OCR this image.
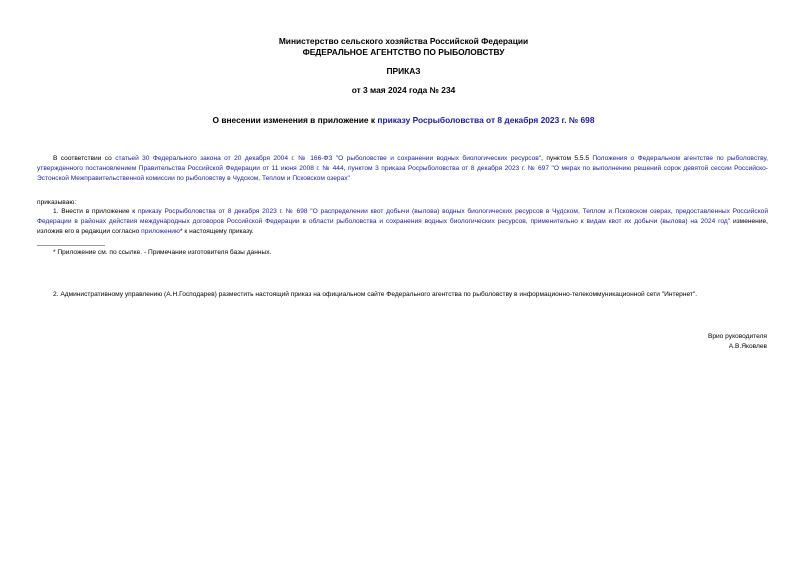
Министерство сельского хозяйства Российской Федерации
ФЕДЕРАЛЬНОЕ АГЕНТСТВО ПО РЫБОЛОВСТВУ
ПРИКАЗ
от 3 мая 2024 года № 234
О внесении изменения в приложение к приказу Росрыболовства от 8 декабря 2023 г. № 698
В соответствии со статьей 30 Федерального закона от 20 декабря 2004 г. № 166-ФЗ "О рыболовстве и сохранении водных биологических ресурсов", пунктом 5.5.5 Положения о Федеральном агентстве по рыболовству, утвержденного постановлением Правительства Российской Федерации от 11 июня 2008 г. № 444, пунктом 3 приказа Росрыболовства от 8 декабря 2023 г. № 697 "О мерах по выполнению решений сорок девятой сессии Российско-Эстонской Межправительственной комиссии по рыболовству в Чудском, Теплом и Псковском озерах"
приказываю:
1. Внести в приложение к приказу Росрыболовства от 8 декабря 2023 г. № 698 "О распределении квот добычи (вылова) водных биологических ресурсов в Чудском, Теплом и Псковском озерах, предоставленных Российской Федерации в районах действия международных договоров Российской Федерации в области рыболовства и сохранения водных биологических ресурсов, применительно к видам квот их добычи (вылова) на 2024 год" изменение, изложив его в редакции согласно приложению* к настоящему приказу.
* Приложение см. по ссылке. - Примечание изготовителя базы данных.
2. Административному управлению (А.Н.Господарев) разместить настоящий приказ на официальном сайте Федерального агентства по рыболовству в информационно-телекоммуникационной сети "Интернет".
Врио руководителя
А.В.Яковлев
